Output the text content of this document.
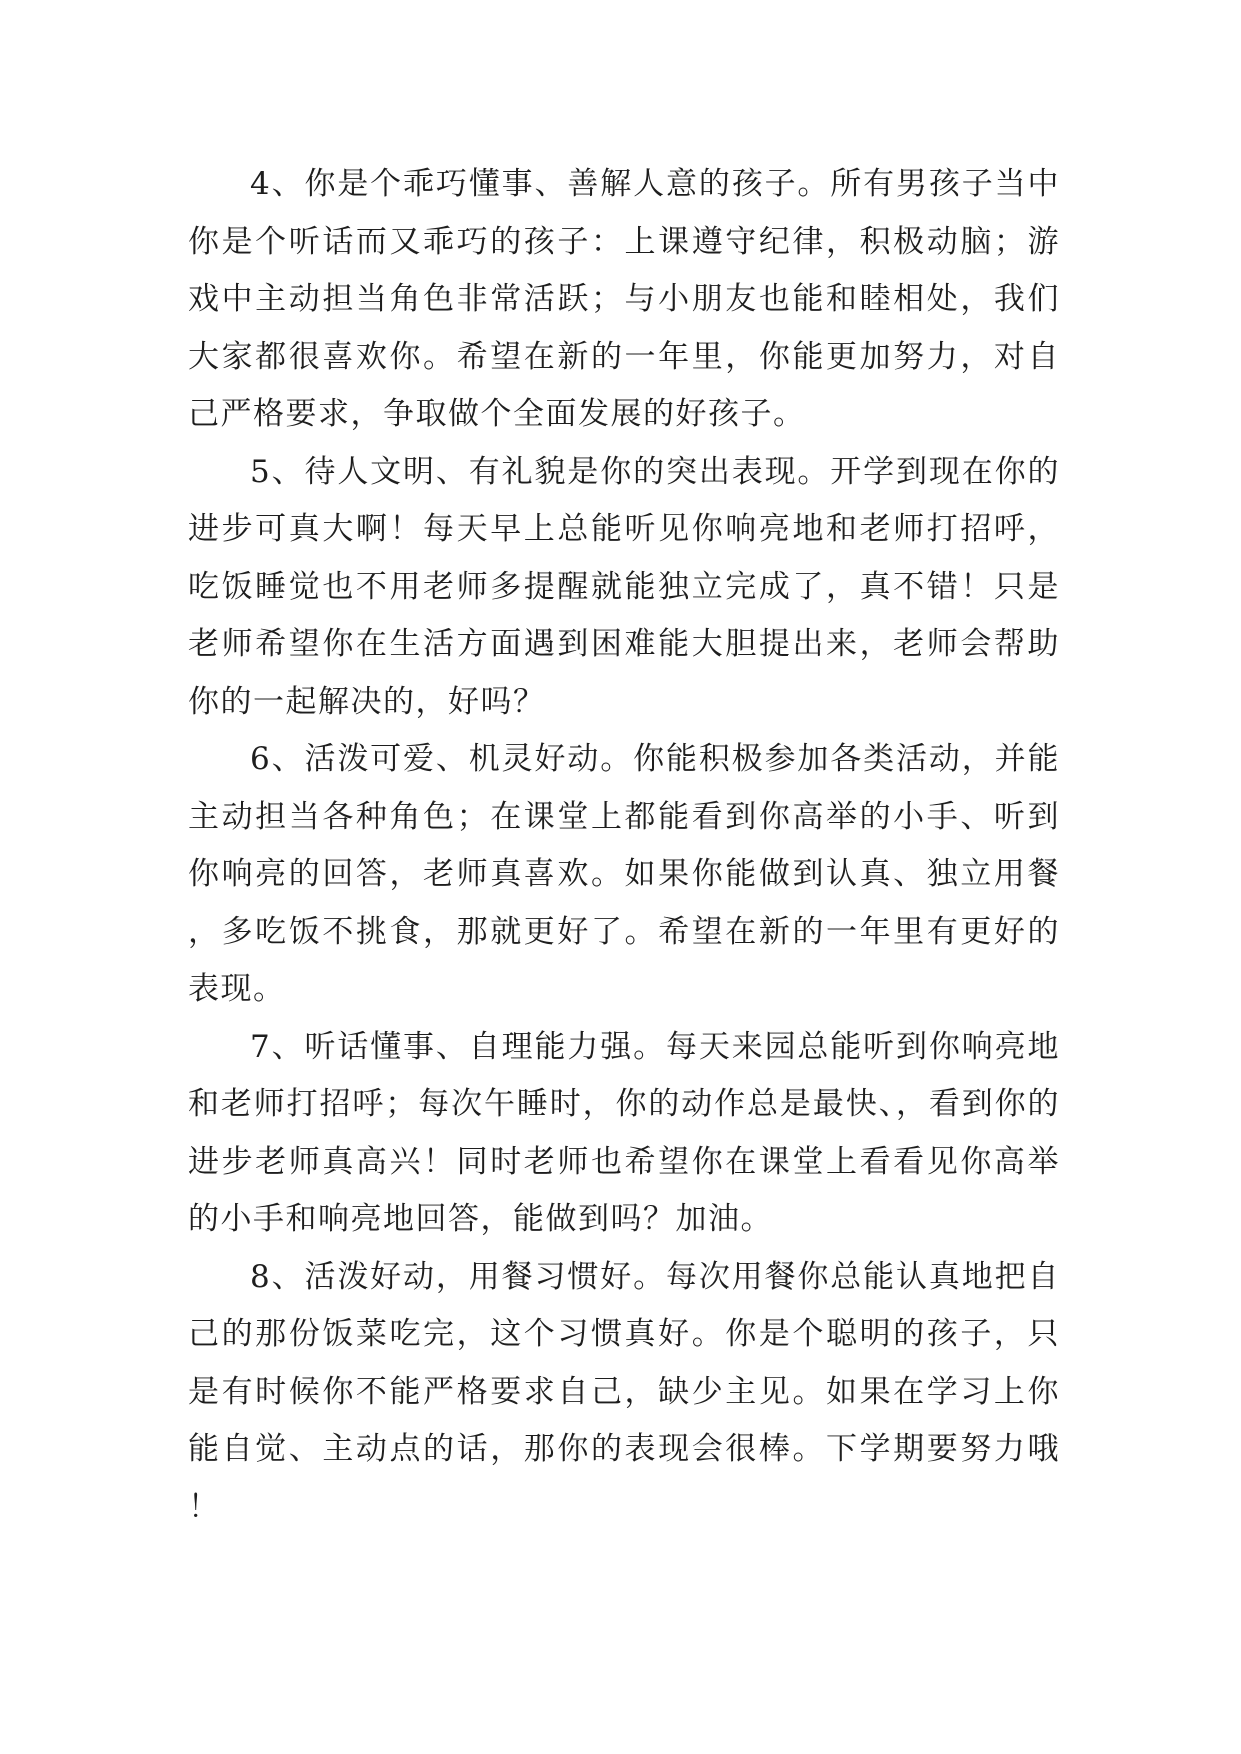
4、你是个乖巧懂事、善解人意的孩子。所有男孩子当中你是个听话而又乖巧的孩子：上课遵守纪律，积极动脑；游戏中主动担当角色非常活跃；与小朋友也能和睦相处，我们大家都很喜欢你。希望在新的一年里，你能更加努力，对自己严格要求，争取做个全面发展的好孩子。

5、待人文明、有礼貌是你的突出表现。开学到现在你的进步可真大啊！每天早上总能听见你响亮地和老师打招呼，吃饭睡觉也不用老师多提醒就能独立完成了，真不错！只是老师希望你在生活方面遇到困难能大胆提出来，老师会帮助你的一起解决的，好吗？

6、活泼可爱、机灵好动。你能积极参加各类活动，并能主动担当各种角色；在课堂上都能看到你高举的小手、听到你响亮的回答，老师真喜欢。如果你能做到认真、独立用餐，多吃饭不挑食，那就更好了。希望在新的一年里有更好的表现。

7、听话懂事、自理能力强。每天来园总能听到你响亮地和老师打招呼；每次午睡时，你的动作总是最快、，看到你的进步老师真高兴！同时老师也希望你在课堂上看看见你高举的小手和响亮地回答，能做到吗？加油。

8、活泼好动，用餐习惯好。每次用餐你总能认真地把自己的那份饭菜吃完，这个习惯真好。你是个聪明的孩子，只是有时候你不能严格要求自己，缺少主见。如果在学习上你能自觉、主动点的话，那你的表现会很棒。下学期要努力哦！
